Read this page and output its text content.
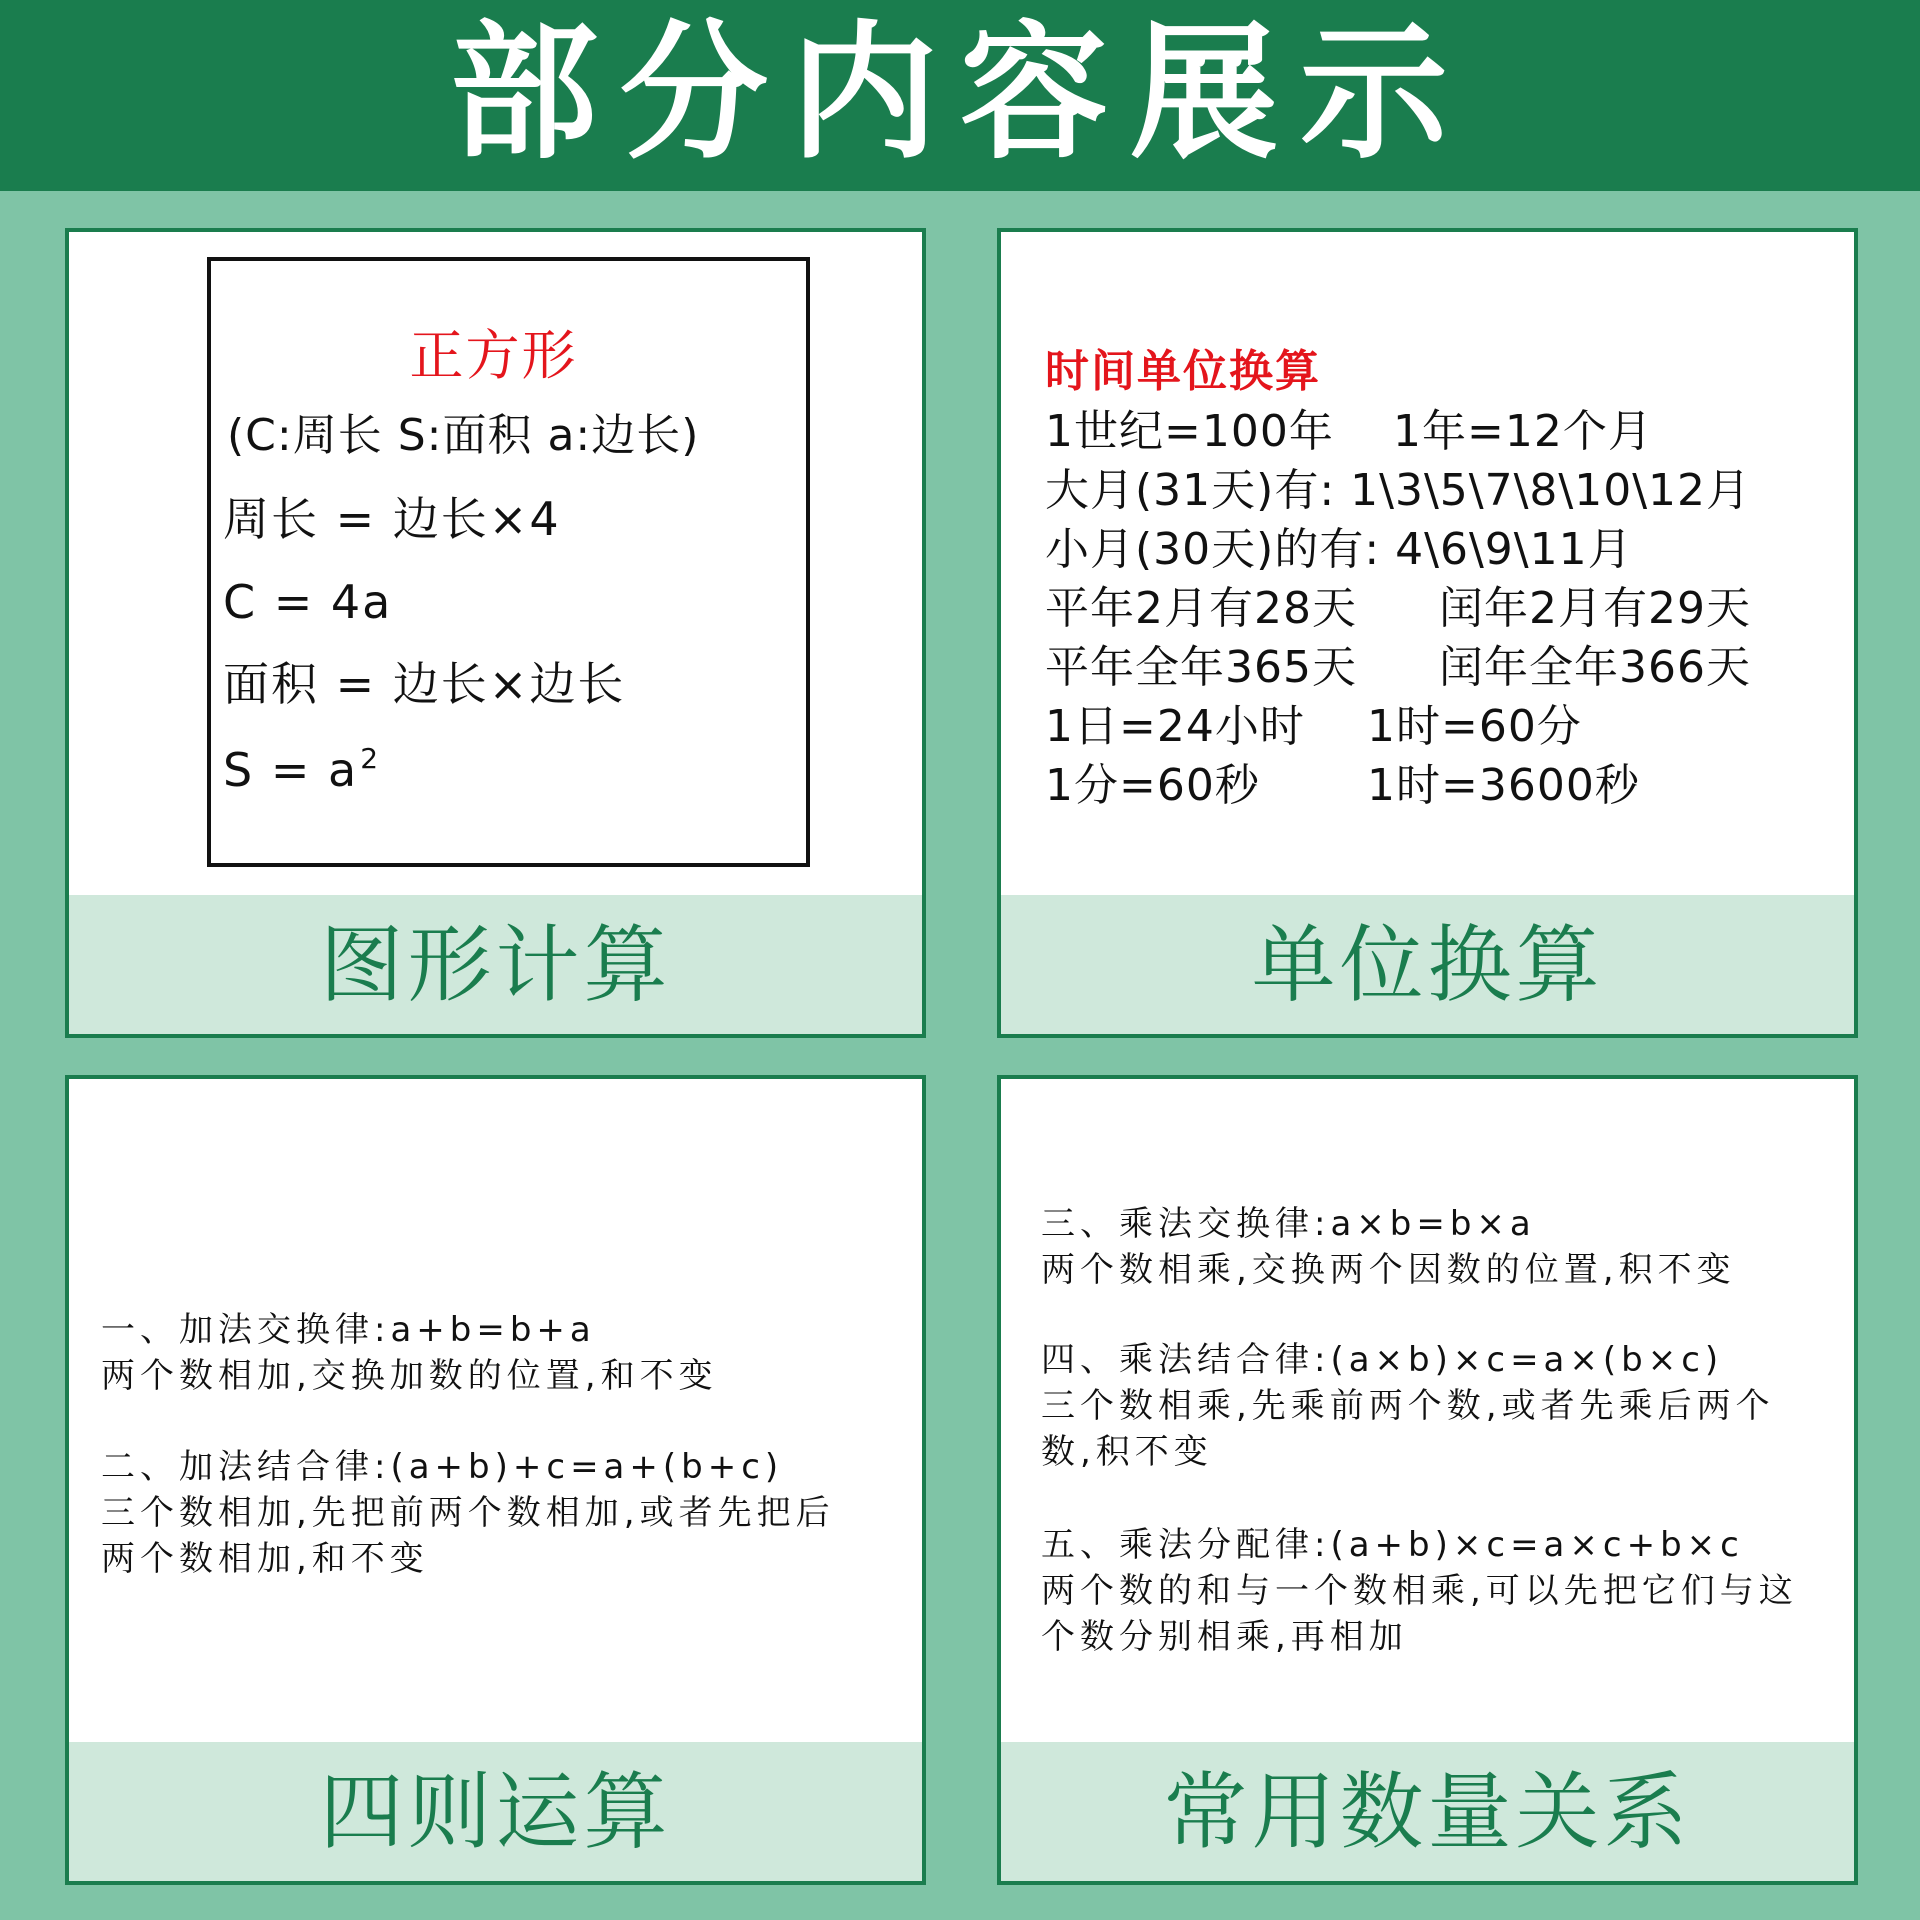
部分内容展示
正方形
(C:周长 S:面积 a:边长)
周长 = 边长×4
C = 4a
面积 = 边长×边长
$S = a^2$
图形计算
时间单位换算
1世纪=100年 1年=12个月
大月(31天)有: 1\3\5\7\8\10\12月
小月(30天)的有: 4\6\9\11月
平年2月有28天 闰年2月有29天
平年全年365天 闰年全年366天
1日=24小时 1时=60分
1分=60秒 1时=3600秒
单位换算

一、加法交换律:a+b=b+a

两个数相加,交换加数的位置,和不变

二、加法结合律:(a+b)+c=a+(b+c)

三个数相加,先把前两个数相加,或者先把后

两个数相加,和不变

四则运算

三、乘法交换律:a×b=b×a

两个数相乘,交换两个因数的位置,积不变

四、乘法结合律:(a×b)×c=a×(b×c)

三个数相乘,先乘前两个数,或者先乘后两个

数,积不变

五、乘法分配律:(a+b)×c=a×c+b×c

两个数的和与一个数相乘,可以先把它们与这

个数分别相乘,再相加

常用数量关系
